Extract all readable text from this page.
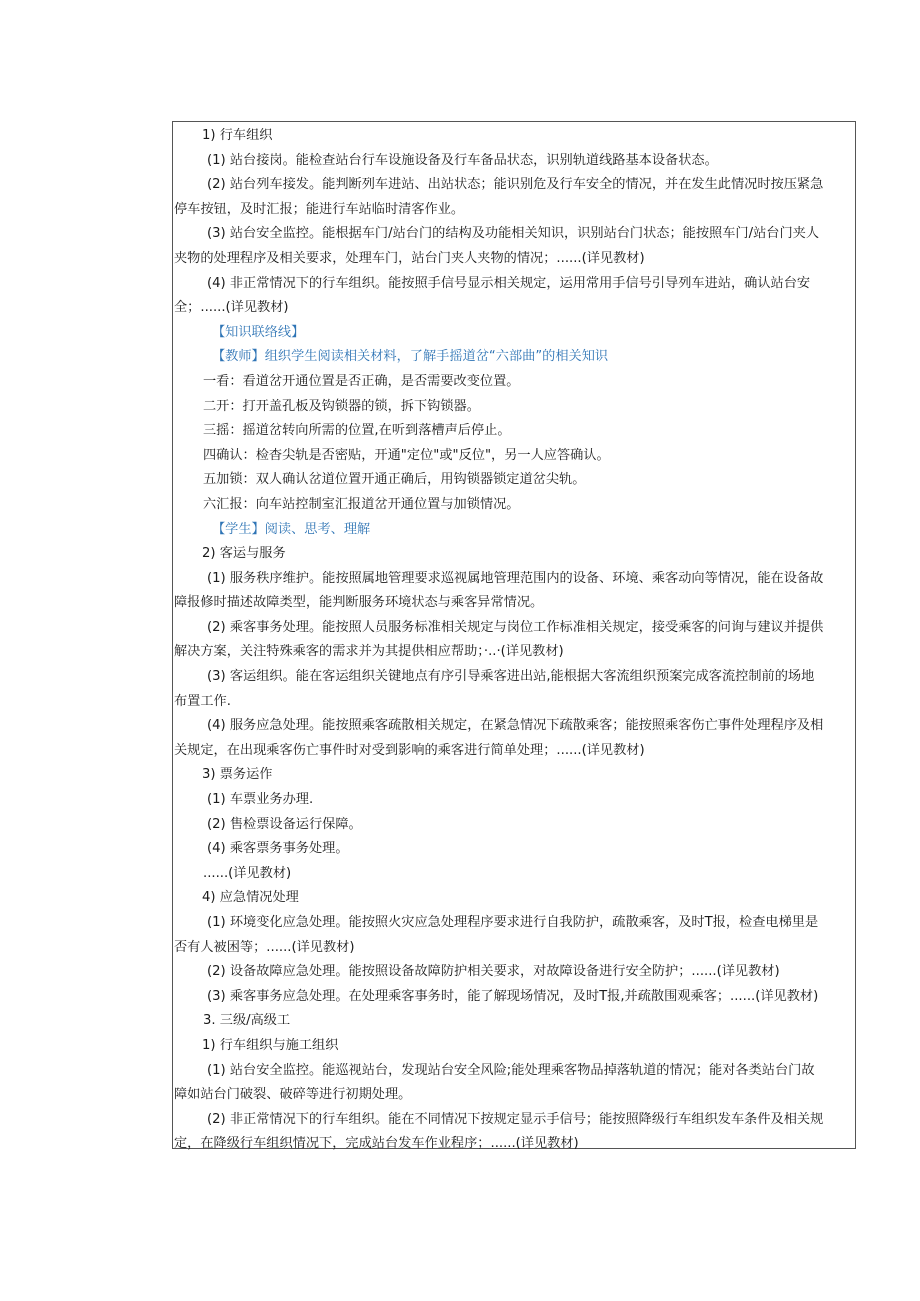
1) 行车组织
(1) 站台接岗。能检查站台行车设施设备及行车备品状态，识别轨道线路基本设备状态。
(2) 站台列车接发。能判断列车进站、出站状态；能识别危及行车安全的情况，并在发生此情况时按压紧急
停车按钮，及时汇报；能进行车站临时清客作业。
(3) 站台安全监控。能根据车门/站台门的结构及功能相关知识，识别站台门状态；能按照车门/站台门夹人
夹物的处理程序及相关要求，处理车门，站台门夹人夹物的情况；......(详见教材)
(4) 非正常情况下的行车组织。能按照手信号显示相关规定，运用常用手信号引导列车进站，确认站台安
全；......(详见教材)
【知识联络线】
【教师】组织学生阅读相关材料，了解手摇道岔“六部曲”的相关知识
一看：看道岔开通位置是否正确，是否需要改变位置。
二开：打开盖孔板及钩锁器的锁，拆下钩锁器。
三摇：摇道岔转向所需的位置,在听到落槽声后停止。
四确认：检杳尖轨是否密贴，开通"定位"或"反位"，另一人应答确认。
五加锁：双人确认岔道位置开通正确后，用钩锁器锁定道岔尖轨。
六汇报：向车站控制室汇报道岔开通位置与加锁情况。
【学生】阅读、思考、理解
2) 客运与服务
(1) 服务秩序维护。能按照属地管理要求巡视属地管理范围内的设备、环境、乘客动向等情况，能在设备故
障报修时描述故障类型，能判断服务环境状态与乘客异常情况。
(2) 乘客事务处理。能按照人员服务标准相关规定与岗位工作标准相关规定，接受乘客的问询与建议并提供
解决方案，关注特殊乘客的需求并为其提供相应帮助；·..·(详见教材)
(3) 客运组织。能在客运组织关键地点有序引导乘客进出站,能根据大客流组织预案完成客流控制前的场地
布置工作.
(4) 服务应急处理。能按照乘客疏散相关规定，在紧急情况下疏散乘客；能按照乘客伤亡事件处理程序及相
关规定，在出现乘客伤亡事件时对受到影响的乘客进行简单处理；......(详见教材)
3) 票务运作
(1) 车票业务办理.
(2) 售检票设备运行保障。
(4) 乘客票务事务处理。
......(详见教材)
4) 应急情况处理
(1) 环境变化应急处理。能按照火灾应急处理程序要求进行自我防护，疏散乘客，及时T报，检查电梯里是
否有人被困等；......(详见教材)
(2) 设备故障应急处理。能按照设备故障防护相关要求，对故障设备进行安全防护；......(详见教材)
(3) 乘客事务应急处理。在处理乘客事务时，能了解现场情况，及时T报,并疏散围观乘客；......(详见教材)
3. 三级/高级工
1) 行车组织与施工组织
(1) 站台安全监控。能巡视站台，发现站台安全风险;能处理乘客物品掉落轨道的情况；能对各类站台门故
障如站台门破裂、破碎等进行初期处理。
(2) 非正常情况下的行车组织。能在不同情况下按规定显示手信号；能按照降级行车组织发车条件及相关规
定，在降级行车组织情况下，完成站台发车作业程序；......(详见教材)
